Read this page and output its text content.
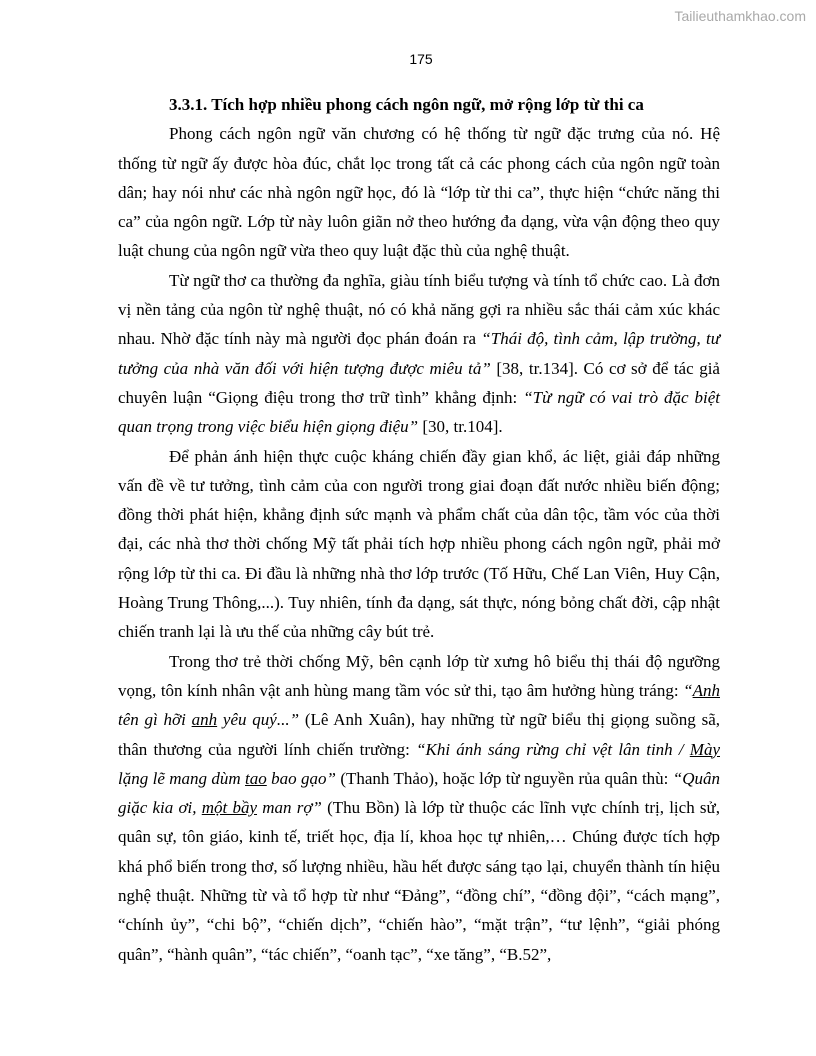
Tailieuthamkhao.com
175

3.3.1. Tích hợp nhiều phong cách ngôn ngữ, mở rộng lớp từ thi ca

Phong cách ngôn ngữ văn chương có hệ thống từ ngữ đặc trưng của nó. Hệ thống từ ngữ ấy được hòa đúc, chắt lọc trong tất cả các phong cách của ngôn ngữ toàn dân; hay nói như các nhà ngôn ngữ học, đó là “lớp từ thi ca”, thực hiện “chức năng thi ca” của ngôn ngữ. Lớp từ này luôn giãn nở theo hướng đa dạng, vừa vận động theo quy luật chung của ngôn ngữ vừa theo quy luật đặc thù của nghệ thuật.

Từ ngữ thơ ca thường đa nghĩa, giàu tính biểu tượng và tính tổ chức cao. Là đơn vị nền tảng của ngôn từ nghệ thuật, nó có khả năng gợi ra nhiều sắc thái cảm xúc khác nhau. Nhờ đặc tính này mà người đọc phán đoán ra “Thái độ, tình cảm, lập trường, tư tưởng của nhà văn đối với hiện tượng được miêu tả” [38, tr.134]. Có cơ sở để tác giả chuyên luận “Giọng điệu trong thơ trữ tình” khẳng định: “Từ ngữ có vai trò đặc biệt quan trọng trong việc biểu hiện giọng điệu” [30, tr.104].

Để phản ánh hiện thực cuộc kháng chiến đầy gian khổ, ác liệt, giải đáp những vấn đề về tư tưởng, tình cảm của con người trong giai đoạn đất nước nhiều biến động; đồng thời phát hiện, khẳng định sức mạnh và phẩm chất của dân tộc, tầm vóc của thời đại, các nhà thơ thời chống Mỹ tất phải tích hợp nhiều phong cách ngôn ngữ, phải mở rộng lớp từ thi ca. Đi đầu là những nhà thơ lớp trước (Tố Hữu, Chế Lan Viên, Huy Cận, Hoàng Trung Thông,...). Tuy nhiên, tính đa dạng, sát thực, nóng bỏng chất đời, cập nhật chiến tranh lại là ưu thế của những cây bút trẻ.

Trong thơ trẻ thời chống Mỹ, bên cạnh lớp từ xưng hô biểu thị thái độ ngưỡng vọng, tôn kính nhân vật anh hùng mang tầm vóc sử thi, tạo âm hưởng hùng tráng: “Anh tên gì hỡi anh yêu quý...” (Lê Anh Xuân), hay những từ ngữ biểu thị giọng suồng sã, thân thương của người lính chiến trường: “Khi ánh sáng rừng chỉ vệt lân tinh / Mày lặng lẽ mang dùm tao bao gạo” (Thanh Thảo), hoặc lớp từ nguyền rủa quân thù: “Quân giặc kia ơi, một bầy man rợ” (Thu Bồn) là lớp từ thuộc các lĩnh vực chính trị, lịch sử, quân sự, tôn giáo, kinh tế, triết học, địa lí, khoa học tự nhiên,… Chúng được tích hợp khá phổ biến trong thơ, số lượng nhiều, hầu hết được sáng tạo lại, chuyển thành tín hiệu nghệ thuật. Những từ và tổ hợp từ như “Đảng”, “đồng chí”, “đồng đội”, “cách mạng”, “chính ủy”, “chi bộ”, “chiến dịch”, “chiến hào”, “mặt trận”, “tư lệnh”, “giải phóng quân”, “hành quân”, “tác chiến”, “oanh tạc”, “xe tăng”, “B.52”,
